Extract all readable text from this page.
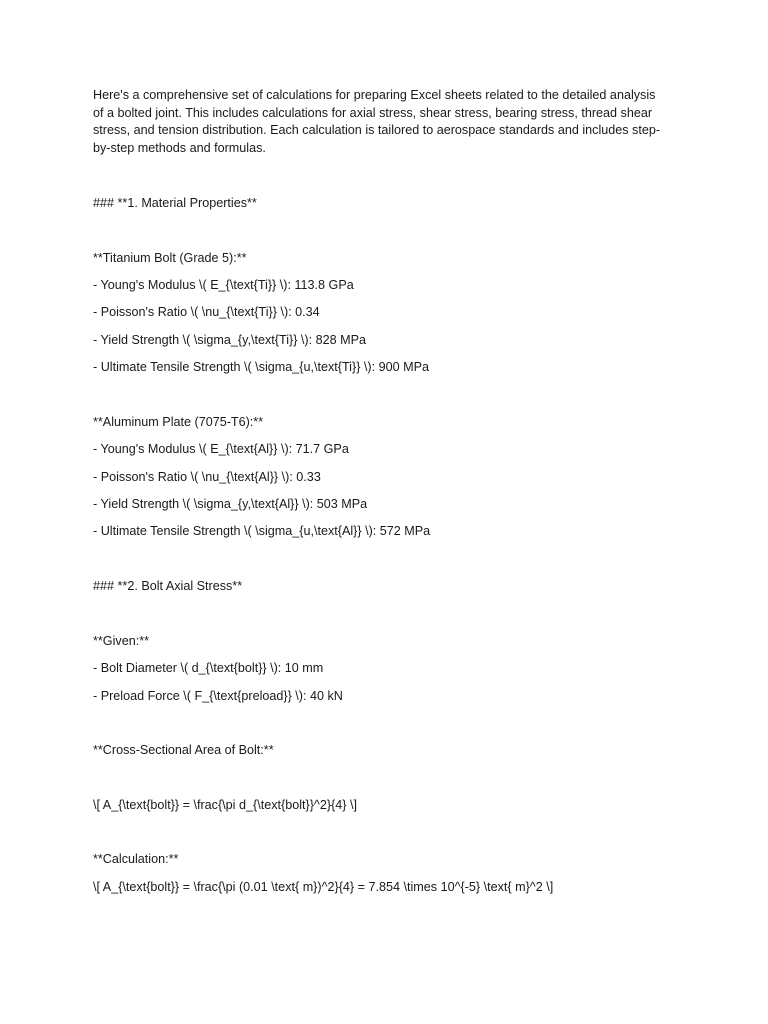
Here's a comprehensive set of calculations for preparing Excel sheets related to the detailed analysis
of a bolted joint. This includes calculations for axial stress, shear stress, bearing stress, thread shear
stress, and tension distribution. Each calculation is tailored to aerospace standards and includes step-
by-step methods and formulas.
### **1. Material Properties**
**Titanium Bolt (Grade 5):**
- Young's Modulus \( E_{\text{Ti}} \): 113.8 GPa
- Poisson's Ratio \( \nu_{\text{Ti}} \): 0.34
- Yield Strength \( \sigma_{y,\text{Ti}} \): 828 MPa
- Ultimate Tensile Strength \( \sigma_{u,\text{Ti}} \): 900 MPa
**Aluminum Plate (7075-T6):**
- Young's Modulus \( E_{\text{Al}} \): 71.7 GPa
- Poisson's Ratio \( \nu_{\text{Al}} \): 0.33
- Yield Strength \( \sigma_{y,\text{Al}} \): 503 MPa
- Ultimate Tensile Strength \( \sigma_{u,\text{Al}} \): 572 MPa
### **2. Bolt Axial Stress**
**Given:**
- Bolt Diameter \( d_{\text{bolt}} \): 10 mm
- Preload Force \( F_{\text{preload}} \): 40 kN
**Cross-Sectional Area of Bolt:**
\[ A_{\text{bolt}} = \frac{\pi d_{\text{bolt}}^2}{4} \]
**Calculation:**
\[ A_{\text{bolt}} = \frac{\pi (0.01 \text{ m})^2}{4} = 7.854 \times 10^{-5} \text{ m}^2 \]
